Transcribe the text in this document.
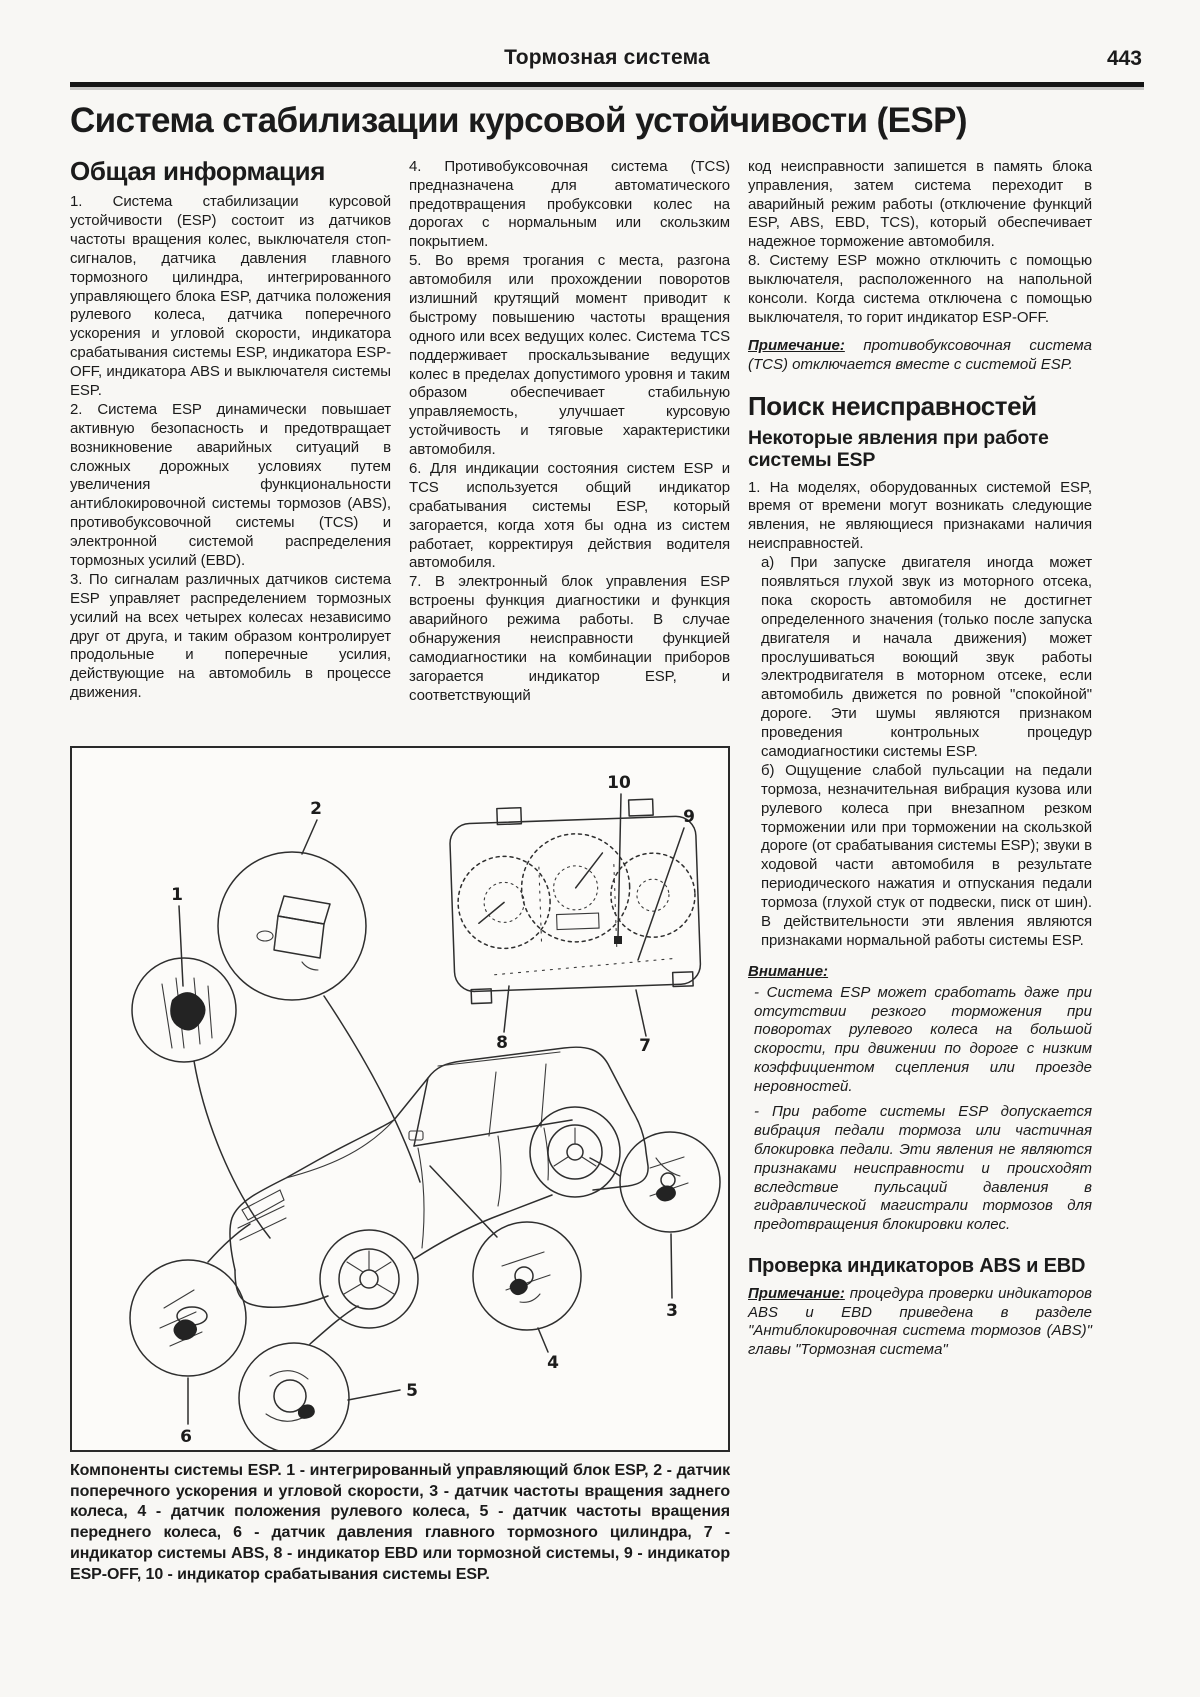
Тормозная система	443
Система стабилизации курсовой устойчивости (ESP)
Общая информация

1. Система стабилизации курсовой устойчивости (ESP) состоит из датчиков частоты вращения колес, выключателя стоп-сигналов, датчика давления главного тормозного цилиндра, интегрированного управляющего блока ESP, датчика положения рулевого колеса, датчика поперечного ускорения и угловой скорости, индикатора срабатывания системы ESP, индикатора ESP-OFF, индикатора ABS и выключателя системы ESP.

2. Система ESP динамически повышает активную безопасность и предотвращает возникновение аварийных ситуаций в сложных дорожных условиях путем увеличения функциональности антиблокировочной системы тормозов (ABS), противобуксовочной системы (TCS) и электронной системой распределения тормозных усилий (EBD).

3. По сигналам различных датчиков система ESP управляет распределением тормозных усилий на всех четырех колесах независимо друг от друга, и таким образом контролирует продольные и поперечные усилия, действующие на автомобиль в процессе движения.

4. Противобуксовочная система (TCS) предназначена для автоматического предотвращения пробуксовки колес на дорогах с нормальным или скользким покрытием.

5. Во время трогания с места, разгона автомобиля или прохождении поворотов излишний крутящий момент приводит к быстрому повышению частоты вращения одного или всех ведущих колес. Система TCS поддерживает проскальзывание ведущих колес в пределах допустимого уровня и таким образом обеспечивает стабильную управляемость, улучшает курсовую устойчивость и тяговые характеристики автомобиля.

6. Для индикации состояния систем ESP и TCS используется общий индикатор срабатывания системы ESP, который загорается, когда хотя бы одна из систем работает, корректируя действия водителя автомобиля.

7. В электронный блок управления ESP встроены функция диагностики и функция аварийного режима работы. В случае обнаружения неисправности функцией самодиагностики на комбинации приборов загорается индикатор ESP, и соответствующий

10
9
8	7
2
1
6
5
4
3

Компоненты системы ESP. 1 - интегрированный управляющий блок ESP, 2 - датчик поперечного ускорения и угловой скорости, 3 - датчик частоты вращения заднего колеса, 4 - датчик положения рулевого колеса, 5 - датчик частоты вращения переднего колеса, 6 - датчик давления главного тормозного цилиндра, 7 - индикатор системы ABS, 8 - индикатор EBD или тормозной системы, 9 - индикатор ESP-OFF, 10 - индикатор срабатывания системы ESP.

код неисправности запишется в память блока управления, затем система переходит в аварийный режим работы (отключение функций ESP, ABS, EBD, TCS), который обеспечивает надежное торможение автомобиля.

8. Систему ESP можно отключить с помощью выключателя, расположенного на напольной консоли. Когда система отключена с помощью выключателя, то горит индикатор ESP-OFF.

Примечание: противобуксовочная система (TCS) отключается вместе с системой ESP.

Поиск неисправностей
Некоторые явления при работе системы ESP

1. На моделях, оборудованных системой ESP, время от времени могут возникать следующие явления, не являющиеся признаками наличия неисправностей.

а) При запуске двигателя иногда может появляться глухой звук из моторного отсека, пока скорость автомобиля не достигнет определенного значения (только после запуска двигателя и начала движения) может прослушиваться воющий звук работы электродвигателя в моторном отсеке, если автомобиль движется по ровной "спокойной" дороге. Эти шумы являются признаком проведения контрольных процедур самодиагностики системы ESP.

б) Ощущение слабой пульсации на педали тормоза, незначительная вибрация кузова или рулевого колеса при внезапном резком торможении или при торможении на скользкой дороге (от срабатывания системы ESP); звуки в ходовой части автомобиля в результате периодического нажатия и отпускания педали тормоза (глухой стук от подвески, писк от шин). В действительности эти явления являются признаками нормальной работы системы ESP.

Внимание:

- Система ESP может сработать даже при отсутствии резкого торможения при поворотах рулевого колеса на большой скорости, при движении по дороге с низким коэффициентом сцепления или проезде неровностей.

- При работе системы ESP допускается вибрация педали тормоза или частичная блокировка педали. Эти явления не являются признаками неисправности и происходят вследствие пульсаций давления в гидравлической магистрали тормозов для предотвращения блокировки колес.

Проверка индикаторов ABS и EBD

Примечание: процедура проверки индикаторов ABS и EBD приведена в разделе "Антиблокировочная система тормозов (ABS)" главы "Тормозная система"
